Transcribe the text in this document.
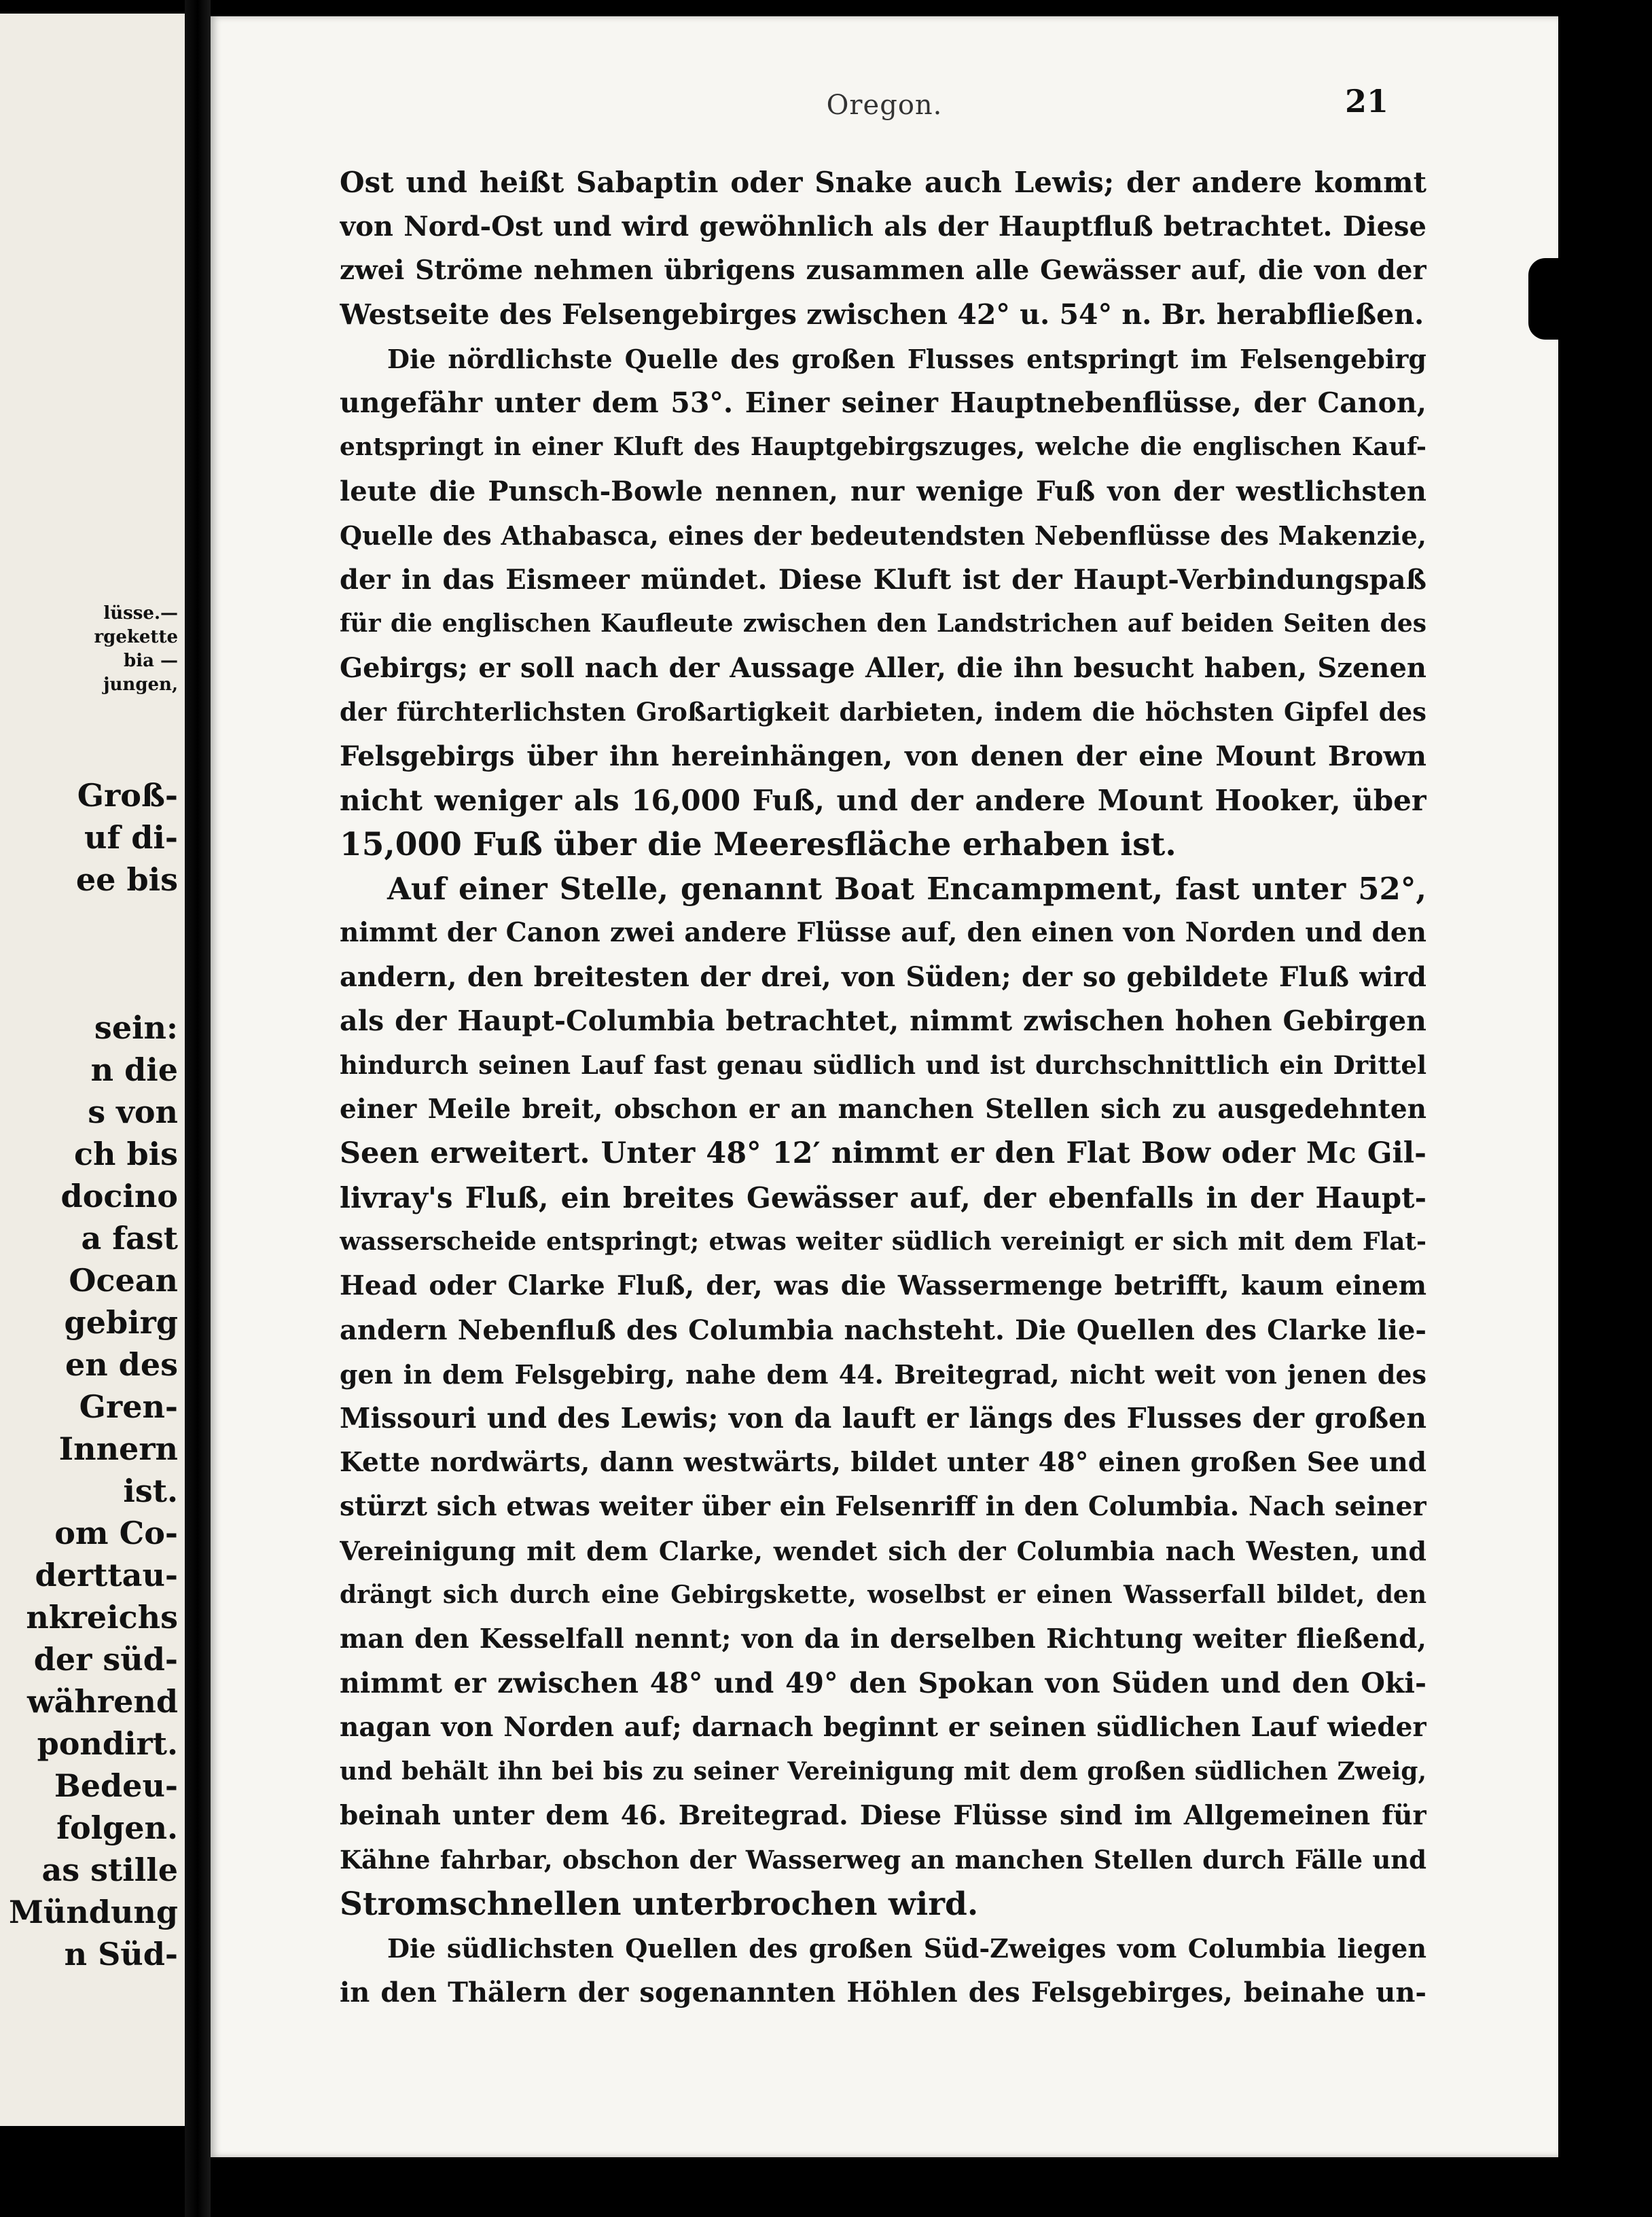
lüsse.—
rgekette
bia —
jungen,
Groß-
uf di-
ee bis
sein:
n die
s von
ch bis
docino
a fast
Ocean
gebirg
en des
Gren-
Innern
ist.
om Co-
derttau-
nkreichs
der süd-
während
pondirt.
Bedeu-
folgen.
as stille
Mündung
n Süd-
Oregon.	21
Ost und heißt Sabaptin oder Snake auch Lewis; der andere kommt
von Nord-Ost und wird gewöhnlich als der Hauptfluß betrachtet. Diese
zwei Ströme nehmen übrigens zusammen alle Gewässer auf, die von der
Westseite des Felsengebirges zwischen 42° u. 54° n. Br. herabfließen.
Die nördlichste Quelle des großen Flusses entspringt im Felsengebirg
ungefähr unter dem 53°. Einer seiner Hauptnebenflüsse, der Canon,
entspringt in einer Kluft des Hauptgebirgszuges, welche die englischen Kauf-
leute die Punsch-Bowle nennen, nur wenige Fuß von der westlichsten
Quelle des Athabasca, eines der bedeutendsten Nebenflüsse des Makenzie,
der in das Eismeer mündet. Diese Kluft ist der Haupt-Verbindungspaß
für die englischen Kaufleute zwischen den Landstrichen auf beiden Seiten des
Gebirgs; er soll nach der Aussage Aller, die ihn besucht haben, Szenen
der fürchterlichsten Großartigkeit darbieten, indem die höchsten Gipfel des
Felsgebirgs über ihn hereinhängen, von denen der eine Mount Brown
nicht weniger als 16,000 Fuß, und der andere Mount Hooker, über
15,000 Fuß über die Meeresfläche erhaben ist.
Auf einer Stelle, genannt Boat Encampment, fast unter 52°,
nimmt der Canon zwei andere Flüsse auf, den einen von Norden und den
andern, den breitesten der drei, von Süden; der so gebildete Fluß wird
als der Haupt-Columbia betrachtet, nimmt zwischen hohen Gebirgen
hindurch seinen Lauf fast genau südlich und ist durchschnittlich ein Drittel
einer Meile breit, obschon er an manchen Stellen sich zu ausgedehnten
Seen erweitert. Unter 48° 12′ nimmt er den Flat Bow oder Mc Gil-
livray's Fluß, ein breites Gewässer auf, der ebenfalls in der Haupt-
wasserscheide entspringt; etwas weiter südlich vereinigt er sich mit dem Flat-
Head oder Clarke Fluß, der, was die Wassermenge betrifft, kaum einem
andern Nebenfluß des Columbia nachsteht. Die Quellen des Clarke lie-
gen in dem Felsgebirg, nahe dem 44. Breitegrad, nicht weit von jenen des
Missouri und des Lewis; von da lauft er längs des Flusses der großen
Kette nordwärts, dann westwärts, bildet unter 48° einen großen See und
stürzt sich etwas weiter über ein Felsenriff in den Columbia. Nach seiner
Vereinigung mit dem Clarke, wendet sich der Columbia nach Westen, und
drängt sich durch eine Gebirgskette, woselbst er einen Wasserfall bildet, den
man den Kesselfall nennt; von da in derselben Richtung weiter fließend,
nimmt er zwischen 48° und 49° den Spokan von Süden und den Oki-
nagan von Norden auf; darnach beginnt er seinen südlichen Lauf wieder
und behält ihn bei bis zu seiner Vereinigung mit dem großen südlichen Zweig,
beinah unter dem 46. Breitegrad. Diese Flüsse sind im Allgemeinen für
Kähne fahrbar, obschon der Wasserweg an manchen Stellen durch Fälle und
Stromschnellen unterbrochen wird.
Die südlichsten Quellen des großen Süd-Zweiges vom Columbia liegen
in den Thälern der sogenannten Höhlen des Felsgebirges, beinahe un-
